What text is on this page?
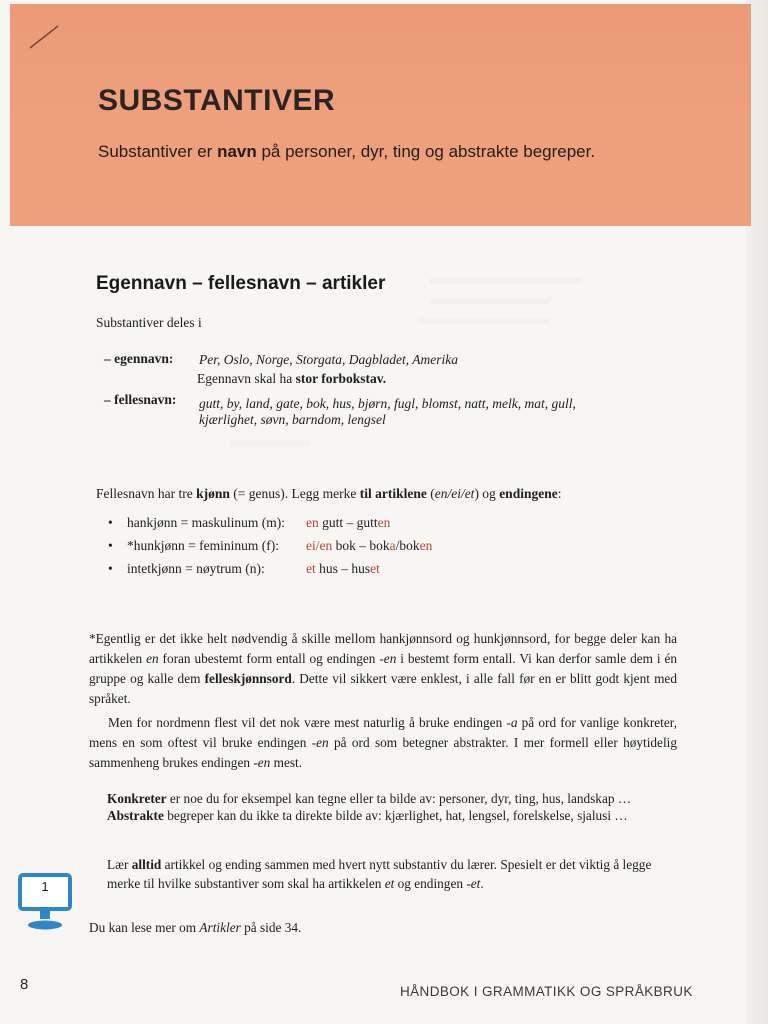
SUBSTANTIVER

Substantiver er navn på personer, dyr, ting og abstrakte begreper.

Egennavn – fellesnavn – artikler

Substantiver deles i

– egennavn: Per, Oslo, Norge, Storgata, Dagbladet, Amerika

Egennavn skal ha stor forbokstav.

– fellesnavn: gutt, by, land, gate, bok, hus, bjørn, fugl, blomst, natt, melk, mat, gull,

kjærlighet, søvn, barndom, lengsel

Fellesnavn har tre kjønn (= genus). Legg merke til artiklene (en/ei/et) og endingene:

• hankjønn = maskulinum (m): en gutt – gutten
• *hunkjønn = femininum (f): ei/en bok – boka/boken
• intetkjønn = nøytrum (n):	et hus – huset

*Egentlig er det ikke helt nødvendig å skille mellom hankjønnsord og hunkjønnsord, for begge deler kan ha artikkelen en foran ubestemt form entall og endingen -en i bestemt form entall. Vi kan derfor samle dem i én gruppe og kalle dem felleskjønnsord. Dette vil sikkert være enklest, i alle fall før en er blitt godt kjent med språket.

Men for nordmenn flest vil det nok være mest naturlig å bruke endingen -a på ord for vanlige konkreter, mens en som oftest vil bruke endingen -en på ord som betegner abstrakter. I mer formell eller høytidelig sammenheng brukes endingen -en mest.

Konkreter er noe du for eksempel kan tegne eller ta bilde av: personer, dyr, ting, hus, landskap …

Abstrakte begreper kan du ikke ta direkte bilde av: kjærlighet, hat, lengsel, forelskelse, sjalusi …

Lær alltid artikkel og ending sammen med hvert nytt substantiv du lærer. Spesielt er det viktig å legge merke til hvilke substantiver som skal ha artikkelen et og endingen -et.

1

Du kan lese mer om Artikler på side 34.

8	HÅNDBOK I GRAMMATIKK OG SPRÅKBRUK
